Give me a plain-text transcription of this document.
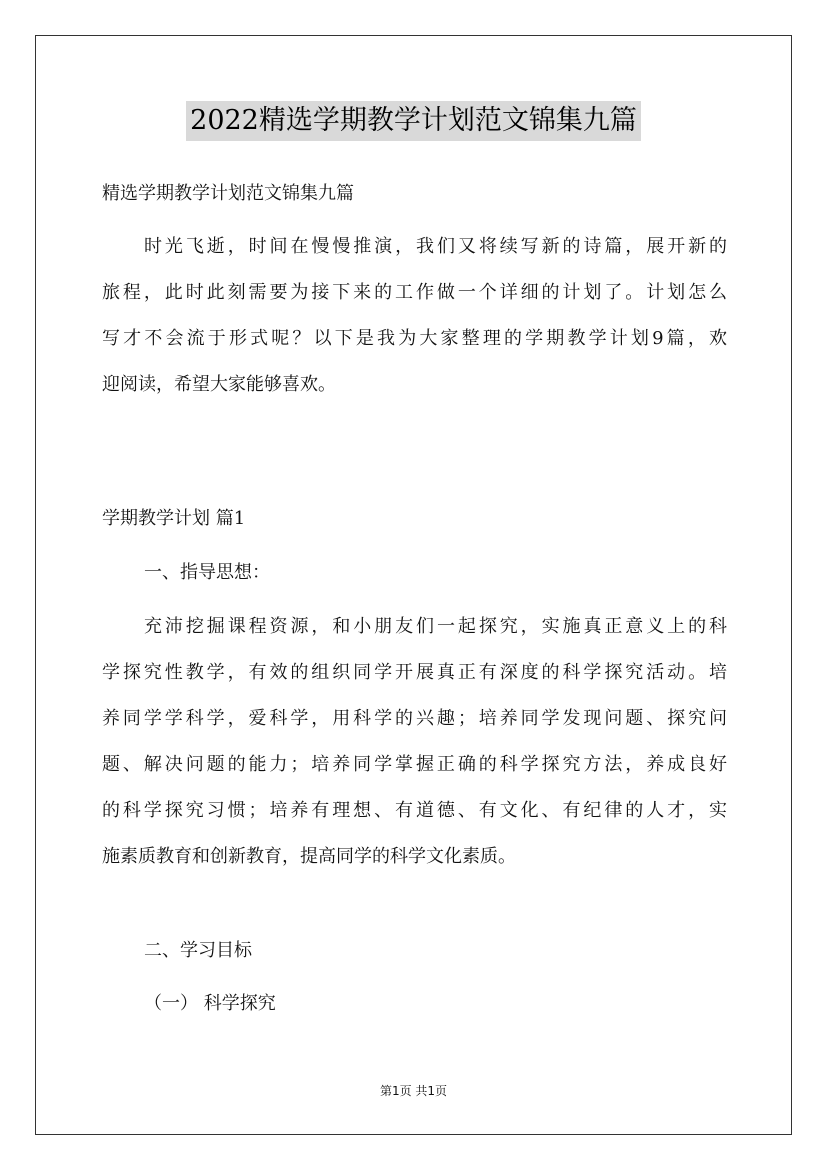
2022精选学期教学计划范文锦集九篇
精选学期教学计划范文锦集九篇
时光飞逝，时间在慢慢推演，我们又将续写新的诗篇，展开新的
旅程，此时此刻需要为接下来的工作做一个详细的计划了。计划怎么
写才不会流于形式呢？以下是我为大家整理的学期教学计划9篇，欢
迎阅读，希望大家能够喜欢。
学期教学计划 篇1
一、指导思想：
充沛挖掘课程资源，和小朋友们一起探究，实施真正意义上的科
学探究性教学，有效的组织同学开展真正有深度的科学探究活动。培
养同学学科学，爱科学，用科学的兴趣；培养同学发现问题、探究问
题、解决问题的能力；培养同学掌握正确的科学探究方法，养成良好
的科学探究习惯；培养有理想、有道德、有文化、有纪律的人才，实
施素质教育和创新教育，提高同学的科学文化素质。
二、学习目标
（一） 科学探究
第1页 共1页
